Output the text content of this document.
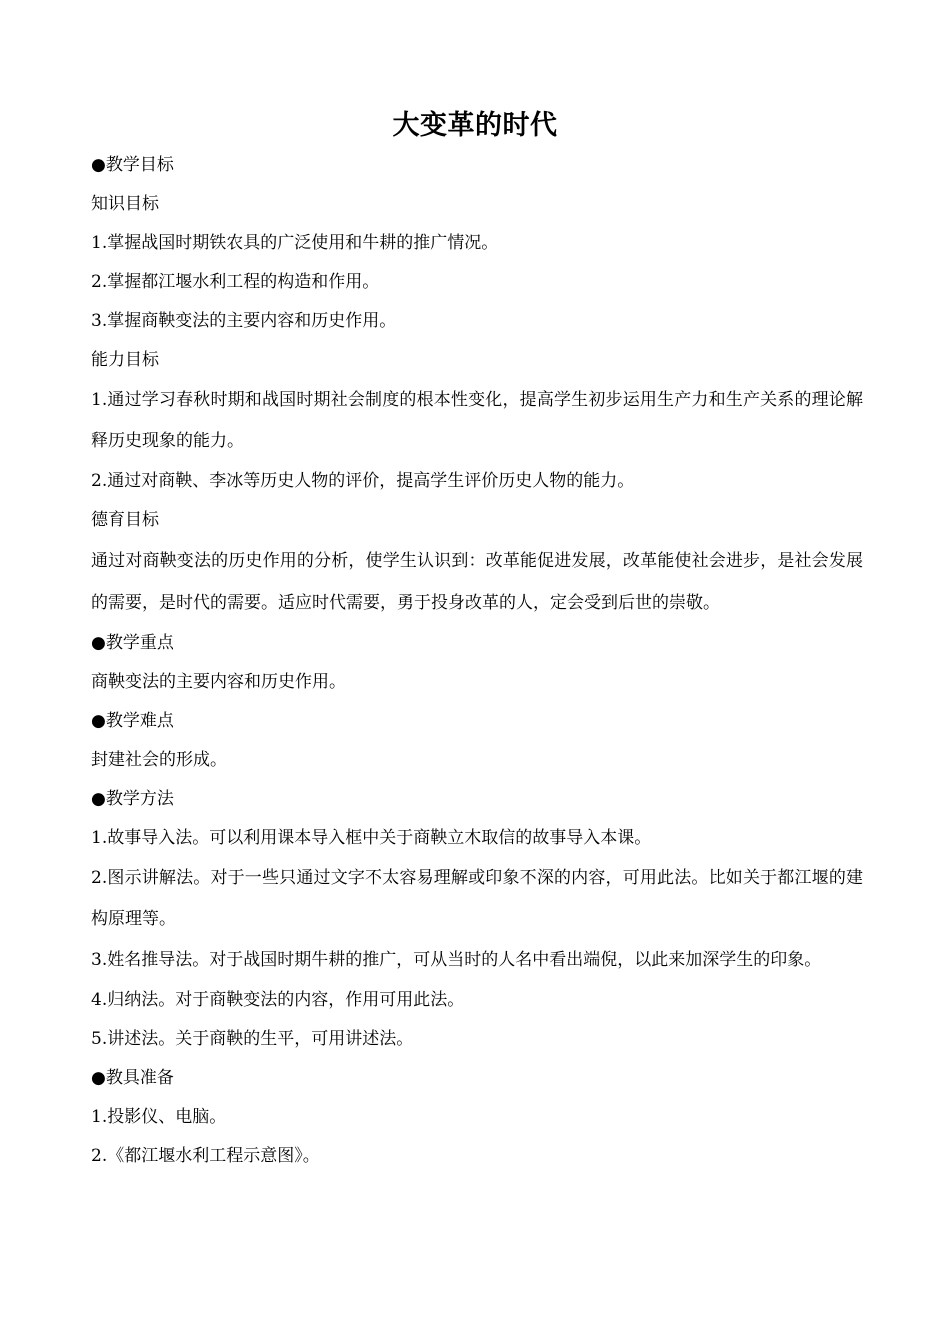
大变革的时代
●教学目标
知识目标
1.掌握战国时期铁农具的广泛使用和牛耕的推广情况。
2.掌握都江堰水利工程的构造和作用。
3.掌握商鞅变法的主要内容和历史作用。
能力目标
1.通过学习春秋时期和战国时期社会制度的根本性变化，提高学生初步运用生产力和生产关系的理论解释历史现象的能力。
2.通过对商鞅、李冰等历史人物的评价，提高学生评价历史人物的能力。
德育目标
通过对商鞅变法的历史作用的分析，使学生认识到：改革能促进发展，改革能使社会进步，是社会发展的需要，是时代的需要。适应时代需要，勇于投身改革的人，定会受到后世的崇敬。
●教学重点
商鞅变法的主要内容和历史作用。
●教学难点
封建社会的形成。
●教学方法
1.故事导入法。可以利用课本导入框中关于商鞅立木取信的故事导入本课。
2.图示讲解法。对于一些只通过文字不太容易理解或印象不深的内容，可用此法。比如关于都江堰的建构原理等。
3.姓名推导法。对于战国时期牛耕的推广，可从当时的人名中看出端倪，以此来加深学生的印象。
4.归纳法。对于商鞅变法的内容，作用可用此法。
5.讲述法。关于商鞅的生平，可用讲述法。
●教具准备
1.投影仪、电脑。
2.《都江堰水利工程示意图》。
